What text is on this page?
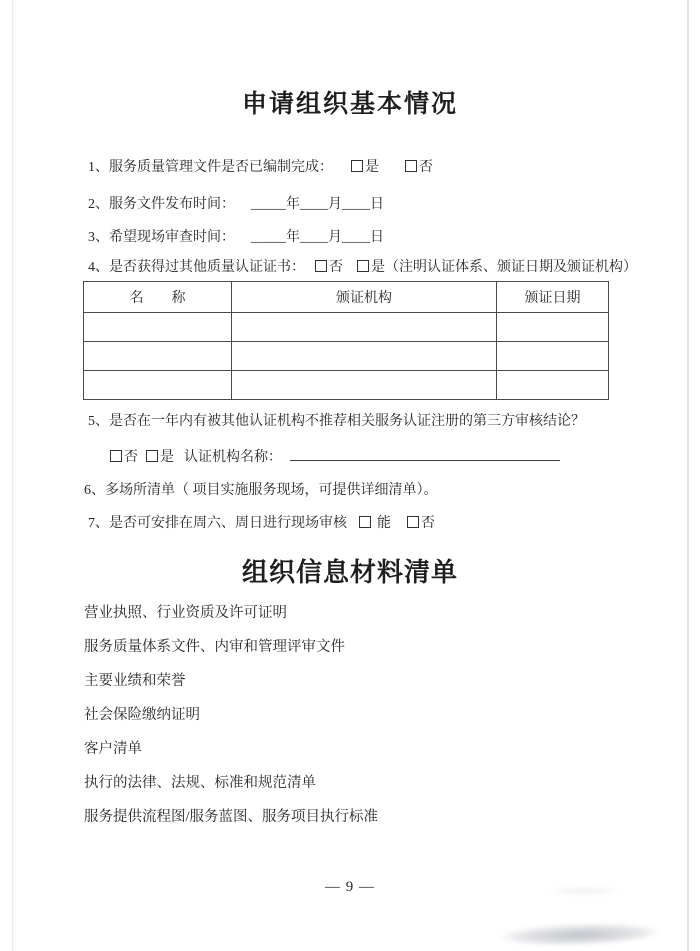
申请组织基本情况
1、服务质量管理文件是否已编制完成： 是	否
2、服务文件发布时间： _____年____月____日
3、希望现场审查时间： _____年____月____日
4、是否获得过其他质量认证证书： 否 是（注明认证体系、颁证日期及颁证机构）
名　　称	颁证机构	颁证日期

5、是否在一年内有被其他认证机构不推荐相关服务认证注册的第三方审核结论？
否 是 认证机构名称：
6、多场所清单（ 项目实施服务现场，可提供详细清单）。
7、是否可安排在周六、周日进行现场审核 能 否
组织信息材料清单
营业执照、行业资质及许可证明
服务质量体系文件、内审和管理评审文件
主要业绩和荣誉
社会保险缴纳证明
客户清单
执行的法律、法规、标准和规范清单
服务提供流程图/服务蓝图、服务项目执行标准
— 9 —
